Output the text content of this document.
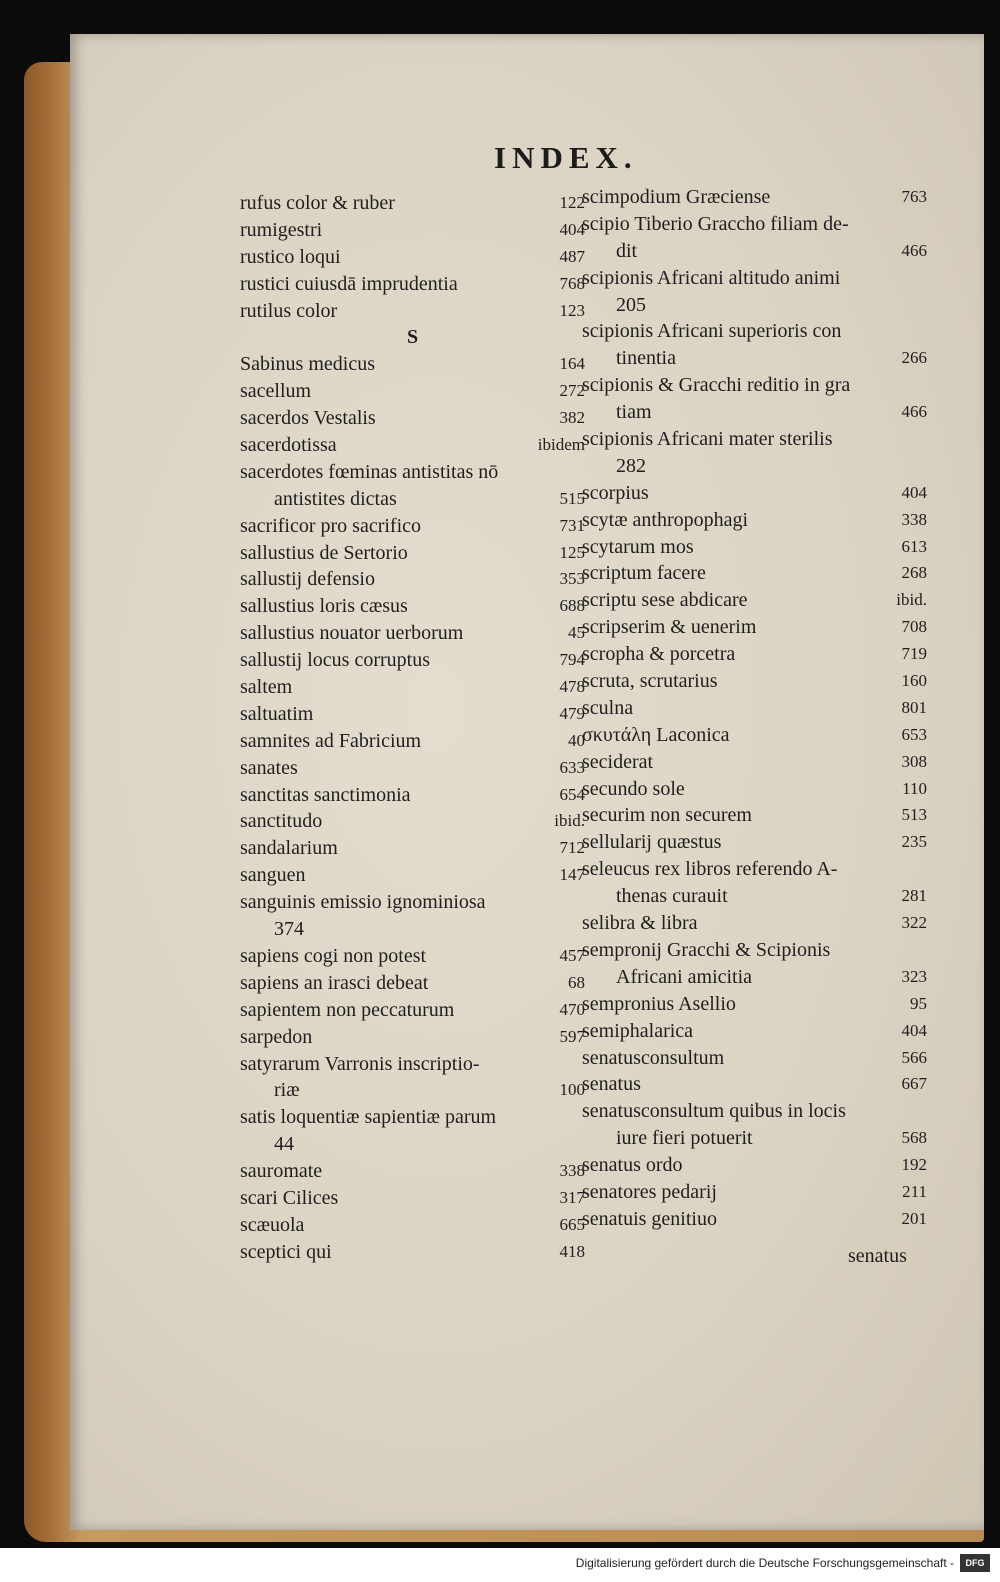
INDEX.
rufus color & ruber	122
rumigestri	404
rustico loqui	487
rustici cuiusdā imprudentia	768
rutilus color	123
S
Sabinus medicus	164
sacellum	272
sacerdos Vestalis	382
sacerdotissa	ibidem
sacerdotes fœminas antistitas nō
antistites dictas	515
sacrificor pro sacrifico	731
sallustius de Sertorio	125
sallustij defensio	353
sallustius loris cæsus	688
sallustius nouator uerborum	45
sallustij locus corruptus	794
saltem	478
saltuatim	479
samnites ad Fabricium	40
sanates	633
sanctitas sanctimonia	654
sanctitudo	ibid.
sandalarium	712
sanguen	147
sanguinis emissio ignominiosa
374
sapiens cogi non potest	457
sapiens an irasci debeat	68
sapientem non peccaturum	470
sarpedon	597
satyrarum Varronis inscriptio-
riæ	100
satis loquentiæ sapientiæ parum
44
sauromate	338
scari Cilices	317
scæuola	665
sceptici qui	418
scimpodium Græciense	763
scipio Tiberio Graccho filiam de-
dit	466
scipionis Africani altitudo animi
205
scipionis Africani superioris con
tinentia	266
scipionis & Gracchi reditio in gra
tiam	466
scipionis Africani mater sterilis
282
scorpius	404
scytæ anthropophagi	338
scytarum mos	613
scriptum facere	268
scriptu sese abdicare	ibid.
scripserim & uenerim	708
scropha & porcetra	719
scruta, scrutarius	160
sculna	801
σκυτάλη Laconica	653
seciderat	308
secundo sole	110
securim non securem	513
sellularij quæstus	235
seleucus rex libros referendo A-
thenas curauit	281
selibra & libra	322
sempronij Gracchi & Scipionis
Africani amicitia	323
sempronius Asellio	95
semiphalarica	404
senatusconsultum	566
senatus	667
senatusconsultum quibus in locis
iure fieri potuerit	568
senatus ordo	192
senatores pedarij	211
senatuis genitiuo	201
senatus
Digitalisierung gefördert durch die Deutsche Forschungsgemeinschaft -	DFG
